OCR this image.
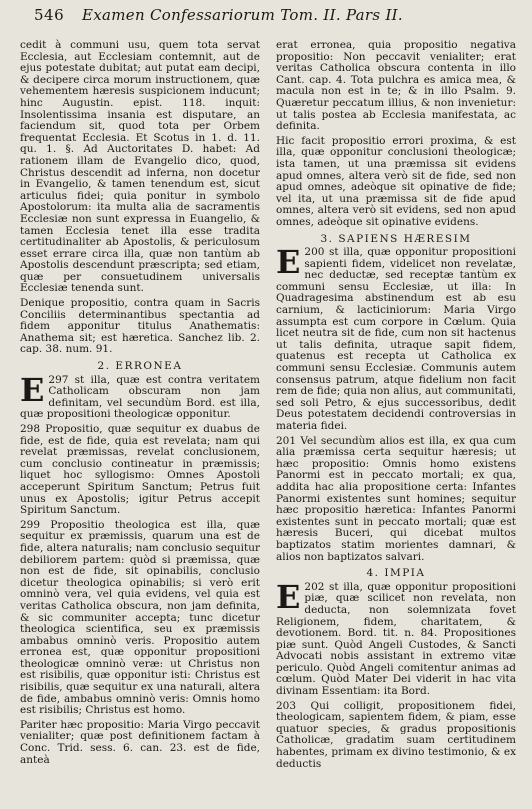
546 Examen Confessariorum Tom. II. Pars II.

cedit à communi usu, quem tota servat Ecclesia, aut Ecclesiam contemnit, aut de ejus potestate dubitat; aut putat eam decipi, & decipere circa morum instructionem, quæ vehementem hæresis suspicionem inducunt; hinc Augustin. epist. 118. inquit: Insolentissima insania est disputare, an faciendum sit, quod tota per Orbem frequentat Ecclesia. Et Scotus in 1. d. 11. qu. 1. §. Ad Auctoritates D. habet: Ad rationem illam de Evangelio dico, quod, Christus descendit ad inferna, non docetur in Evangelio, & tamen tenendum est, sicut articulus fidei; quia ponitur in symbolo Apostolorum: ita multa alia de sacramentis Ecclesiæ non sunt expressa in Euangelio, & tamen Ecclesia tenet illa esse tradita certitudinaliter ab Apostolis, & periculosum esset errare circa illa, quæ non tantùm ab Apostolis descendunt præscripta; sed etiam, quæ per consuetudinem universalis Ecclesiæ tenenda sunt.

Denique propositio, contra quam in Sacris Conciliis determinantibus spectantia ad fidem apponitur titulus Anathematis: Anathema sit; est hæretica. Sanchez lib. 2. cap. 38. num. 91.

2. ERRONEA

297
E	st illa, quæ est contra veritatem Catholicam obscuram non jam definitam, vel secundùm Bord. est illa, quæ propositioni theologicæ opponitur.

298 Propositio, quæ sequitur ex duabus de fide, est de fide, quia est revelata; nam qui revelat præmissas, revelat conclusionem, cum conclusio contineatur in præmissis; liquet hoc syllogismo: Omnes Apostoli acceperunt Spiritum Sanctum; Petrus fuit unus ex Apostolis; igitur Petrus accepit Spiritum Sanctum.

299 Propositio theologica est illa, quæ sequitur ex præmissis, quarum una est de fide, altera naturalis; nam conclusio sequitur debiliorem partem: quòd si præmissa, quæ non est de fide, sit opinabilis, conclusio dicetur theologica opinabilis; si verò erit omninò vera, vel quia evidens, vel quia est veritas Catholica obscura, non jam definita, & sic communiter accepta; tunc dicetur theologica scientifica, seu ex præmissis ambabus omninò veris. Propositio autem erronea est, quæ opponitur propositioni theologicæ omninò veræ: ut Christus non est risibilis, quæ opponitur isti: Christus est risibilis, quæ sequitur ex una naturali, altera de fide, ambabus omninò veris: Omnis homo est risibilis; Christus est homo.

Pariter hæc propositio: Maria Virgo peccavit venialiter; quæ post definitionem factam à Conc. Trid. sess. 6. can. 23. est de fide, anteà

erat erronea, quia propositio negativa propositio: Non peccavit venialiter; erat veritas Catholica obscura contenta in illo Cant. cap. 4. Tota pulchra es amica mea, & macula non est in te; & in illo Psalm. 9. Quæretur peccatum illius, & non invenietur: ut talis postea ab Ecclesia manifestata, ac definita.

Hic facit propositio errori proxima, & est illa, quæ opponitur conclusioni theologicæ; ista tamen, ut una præmissa sit evidens apud omnes, altera verò sit de fide, sed non apud omnes, adeòque sit opinative de fide; vel ita, ut una præmissa sit de fide apud omnes, altera verò sit evidens, sed non apud omnes, adeòque sit opinative evidens.

3. SAPIENS HÆRESIM

200
E	st illa, quæ opponitur propositioni sapienti fidem, videlicet non revelatæ, nec deductæ, sed receptæ tantùm ex communi sensu Ecclesiæ, ut illa: In Quadragesima abstinendum est ab esu carnium, & lacticiniorum: Maria Virgo assumpta est cum corpore in Cœlum. Quia licet neutra sit de fide, cum non sit hactenus ut talis definita, utraque sapit fidem, quatenus est recepta ut Catholica ex communi sensu Ecclesiæ. Communis autem consensus patrum, atque fidelium non facit rem de fide; quia non alius, aut communitati, sed soli Petro, & ejus successoribus, dedit Deus potestatem decidendi controversias in materia fidei.

201 Vel secundùm alios est illa, ex qua cum alia præmissa certa sequitur hæresis; ut hæc propositio: Omnis homo existens Panormi est in peccato mortali; ex qua, addita hac alia propositione certa: Infantes Panormi existentes sunt homines; sequitur hæc propositio hæretica: Infantes Panormi existentes sunt in peccato mortali; quæ est hæresis Buceri, qui dicebat multos baptizatos statim morientes damnari, & alios non baptizatos salvari.

4. IMPIA

202
E	st illa, quæ opponitur propositioni piæ, quæ scilicet non revelata, non deducta, non solemnizata fovet Religionem, fidem, charitatem, & devotionem. Bord. tit. n. 84. Propositiones piæ sunt. Quòd Angeli Custodes, & Sancti Advocati nobis assistant in extremo vitæ periculo. Quòd Angeli comitentur animas ad cœlum. Quòd Mater Dei viderit in hac vita divinam Essentiam: ita Bord.

203 Qui colligit, propositionem fidei, theologicam, sapientem fidem, & piam, esse quatuor species, & gradus propositionis Catholicæ, gradatim suam certitudinem habentes, primam ex divino testimonio, & ex deductis
